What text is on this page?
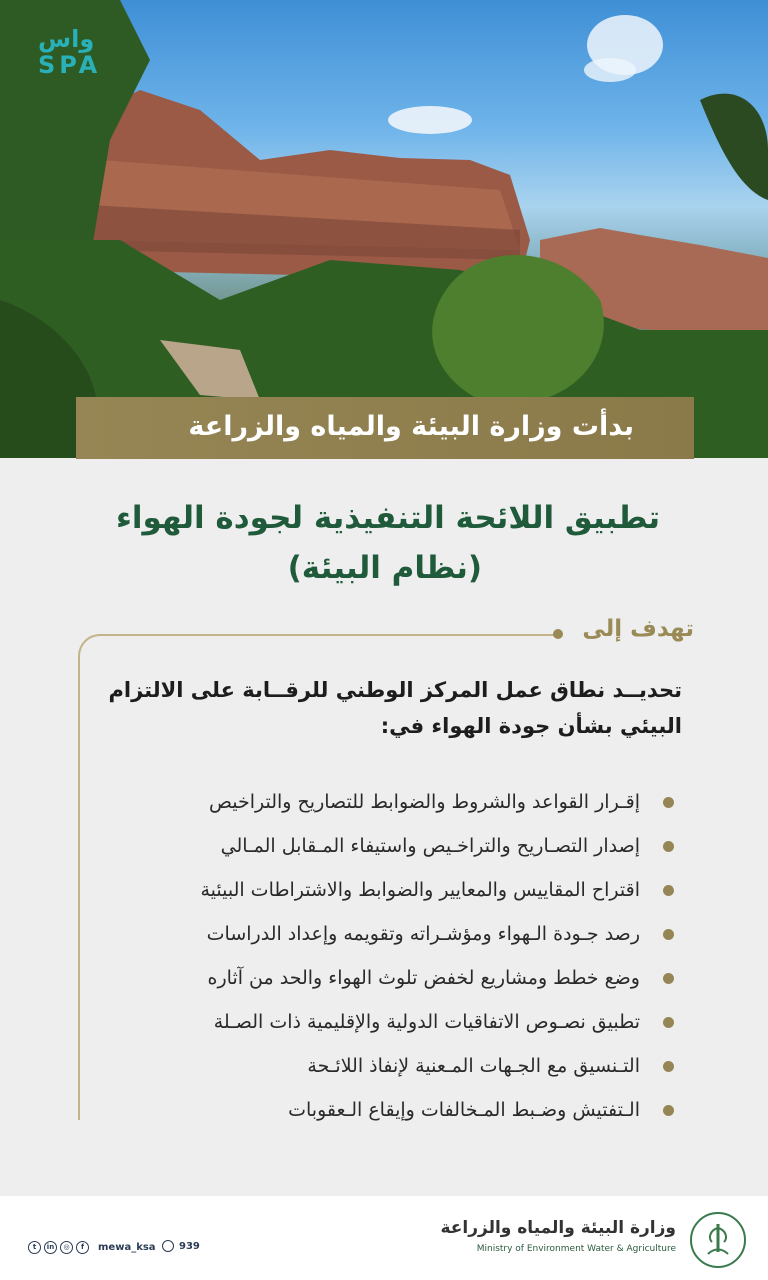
واس
SPA
بدأت وزارة البيئة والمياه والزراعة
تطبيق اللائحة التنفيذية لجودة الهواء
(نظام البيئة)
تهدف إلى
تحديــد نطاق عمل المركز الوطني للرقــابة على الالتزام
البيئي بشأن جودة الهواء في:
إقـرار القواعد والشروط والضوابط للتصاريح والتراخيص
إصدار التصـاريح والتراخـيص واستيفاء المـقابل المـالي
اقتراح المقاييس والمعايير والضوابط والاشتراطات البيئية
رصد جـودة الـهواء ومؤشـراته وتقويمه وإعداد الدراسات
وضع خطط ومشاريع لخفض تلوث الهواء والحد من آثاره
تطبيق نصـوص الاتفاقيات الدولية والإقليمية ذات الصـلة
التـنسيق مع الجـهات المـعنية لإنفاذ اللائـحة
الـتفتيش وضـبط المـخالفات وإيقاع الـعقوبات
t	in	◎	f	mewa_ksa 939
وزارة البيئة والمياه والزراعة
Ministry of Environment Water & Agriculture
